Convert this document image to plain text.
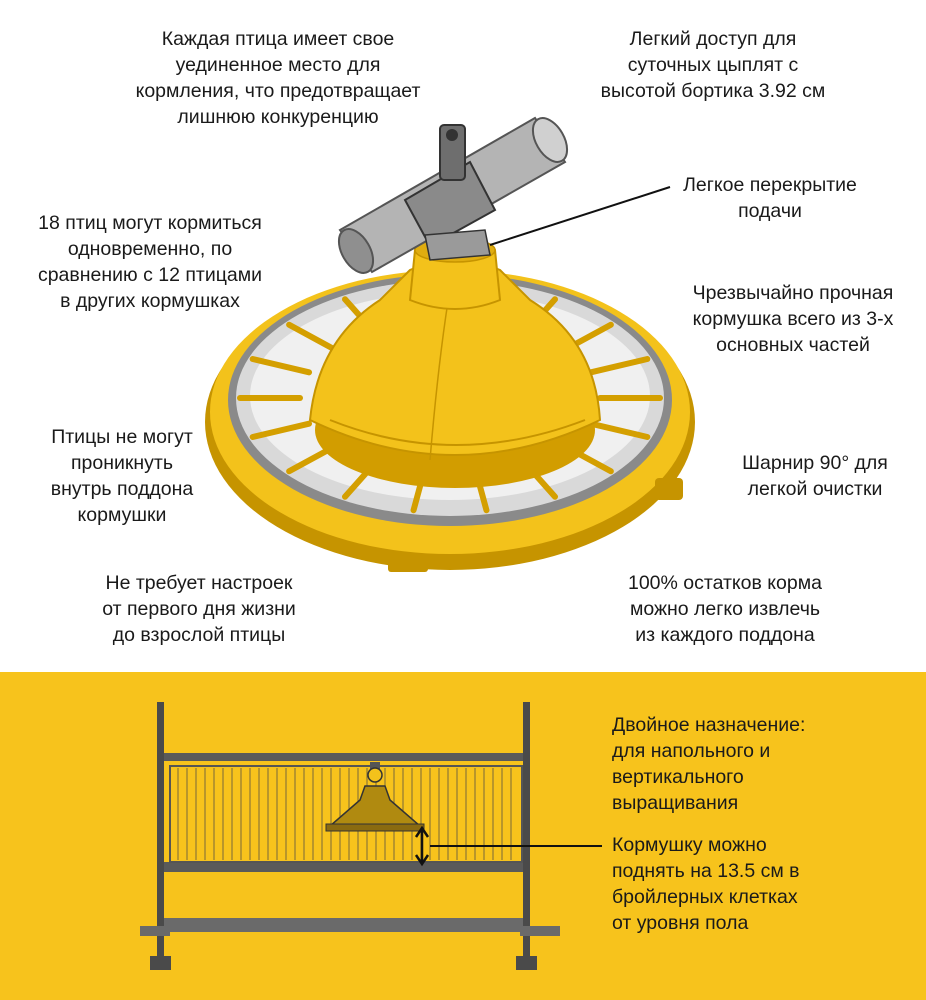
Каждая птица имеет свое
уединенное место для
кормления, что предотвращает
лишнюю конкуренцию

Легкий доступ для
суточных цыплят с
высотой бортика 3.92 см

Легкое перекрытие
подачи

18 птиц могут кормиться
одновременно, по
сравнению с 12 птицами
в других кормушках	Чрезвычайно прочная
кормушка всего из 3-х
основных частей

Птицы не могут
проникнуть
внутрь поддона
кормушки

Шарнир 90° для
легкой очистки

Не требует настроек
от первого дня жизни
до взрослой птицы

100% остатков корма
можно легко извлечь
из каждого поддона

Двойное назначение:
для напольного и
вертикального
выращивания

Кормушку можно
поднять на 13.5 см в
бройлерных клетках
от уровня пола
